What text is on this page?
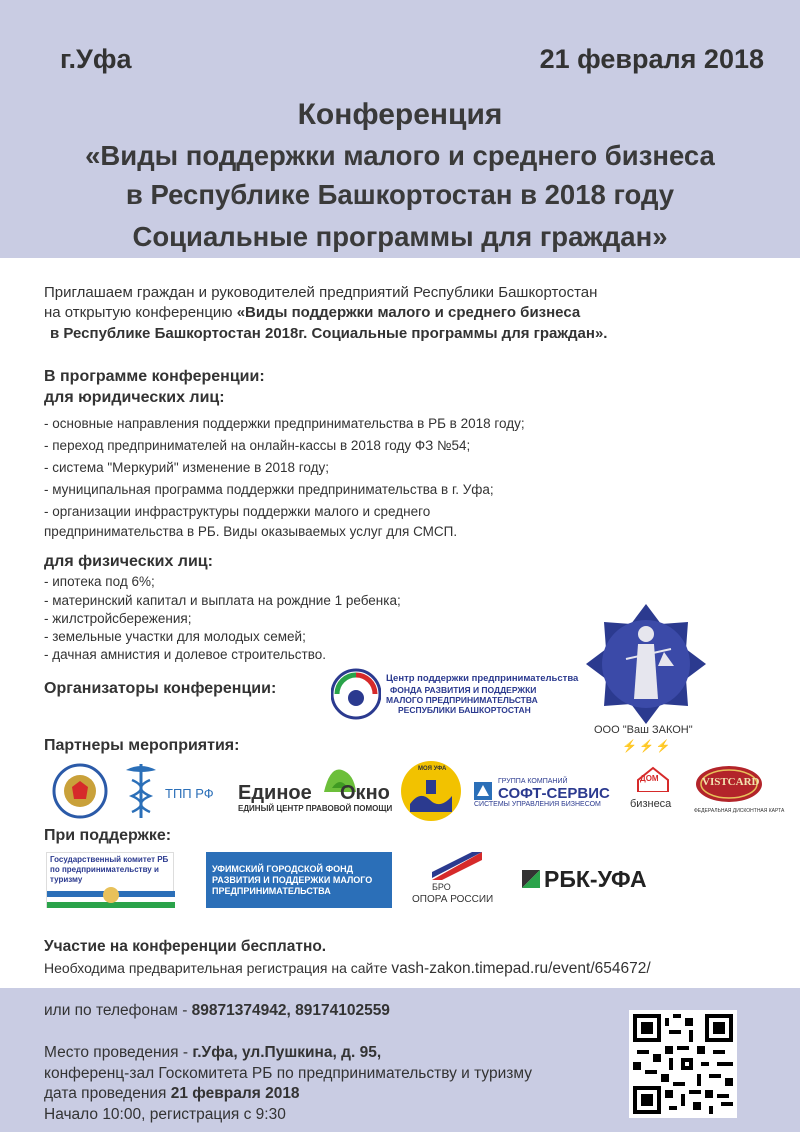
г.Уфа	21 февраля 2018
Конференция
«Виды поддержки малого и среднего бизнеса
в Республике Башкортостан в 2018 году
Социальные программы для граждан»
Приглашаем граждан и руководителей предприятий Республики Башкортостан
на открытую конференцию «Виды поддержки малого и среднего бизнеса
в Республике Башкортостан 2018г. Социальные программы для граждан».
В программе конференции:
для юридических лиц:
- основные направления поддержки предпринимательства в РБ в 2018 году;
- переход предпринимателей на онлайн-кассы в 2018 году ФЗ №54;
- система "Меркурий" изменение в 2018 году;
- муниципальная программа поддержки предпринимательства в г. Уфа;
- организации инфраструктуры поддержки малого и среднего
предпринимательства в РБ. Виды оказываемых услуг для СМСП.
для физических лиц:
- ипотека под 6%;
- материнский капитал и выплата на рождние 1 ребенка;
- жилстройсбережения;
- земельные участки для молодых семей;
- дачная амнистия и долевое строительство.
ООО "Ваш ЗАКОН"
⚡⚡⚡
Организаторы конференции:
Центр поддержки предпринимательства
ФОНДА РАЗВИТИЯ И ПОДДЕРЖКИ
МАЛОГО ПРЕДПРИНИМАТЕЛЬСТВА
РЕСПУБЛИКИ БАШКОРТОСТАН
Партнеры мероприятия:
ТПП РФ Единое Окно
ЕДИНЫЙ ЦЕНТР ПРАВОВОЙ ПОМОЩИ
МОЯ УФА
ГРУППА КОМПАНИЙ
СОФТ-СЕРВИС
СИСТЕМЫ УПРАВЛЕНИЯ БИЗНЕСОМ
ДОМ
бизнеса
VISTCARD
ФЕДЕРАЛЬНАЯ ДИСКОНТНАЯ КАРТА
При поддержке:
Государственный комитет РБ по предпринимательству и туризму
УФИМСКИЙ ГОРОДСКОЙ ФОНД РАЗВИТИЯ И ПОДДЕРЖКИ МАЛОГО ПРЕДПРИНИМАТЕЛЬСТВА	БРО
ОПОРА РОССИИ
РБК-УФА
Участие на конференции бесплатно.
Необходима предварительная регистрация на сайте vash-zakon.timepad.ru/event/654672/
или по телефонам - 89871374942, 89174102559
Место проведения - г.Уфа, ул.Пушкина, д. 95,
конференц-зал Госкомитета РБ по предпринимательству и туризму
дата проведения 21 февраля 2018
Начало 10:00, регистрация с 9:30
